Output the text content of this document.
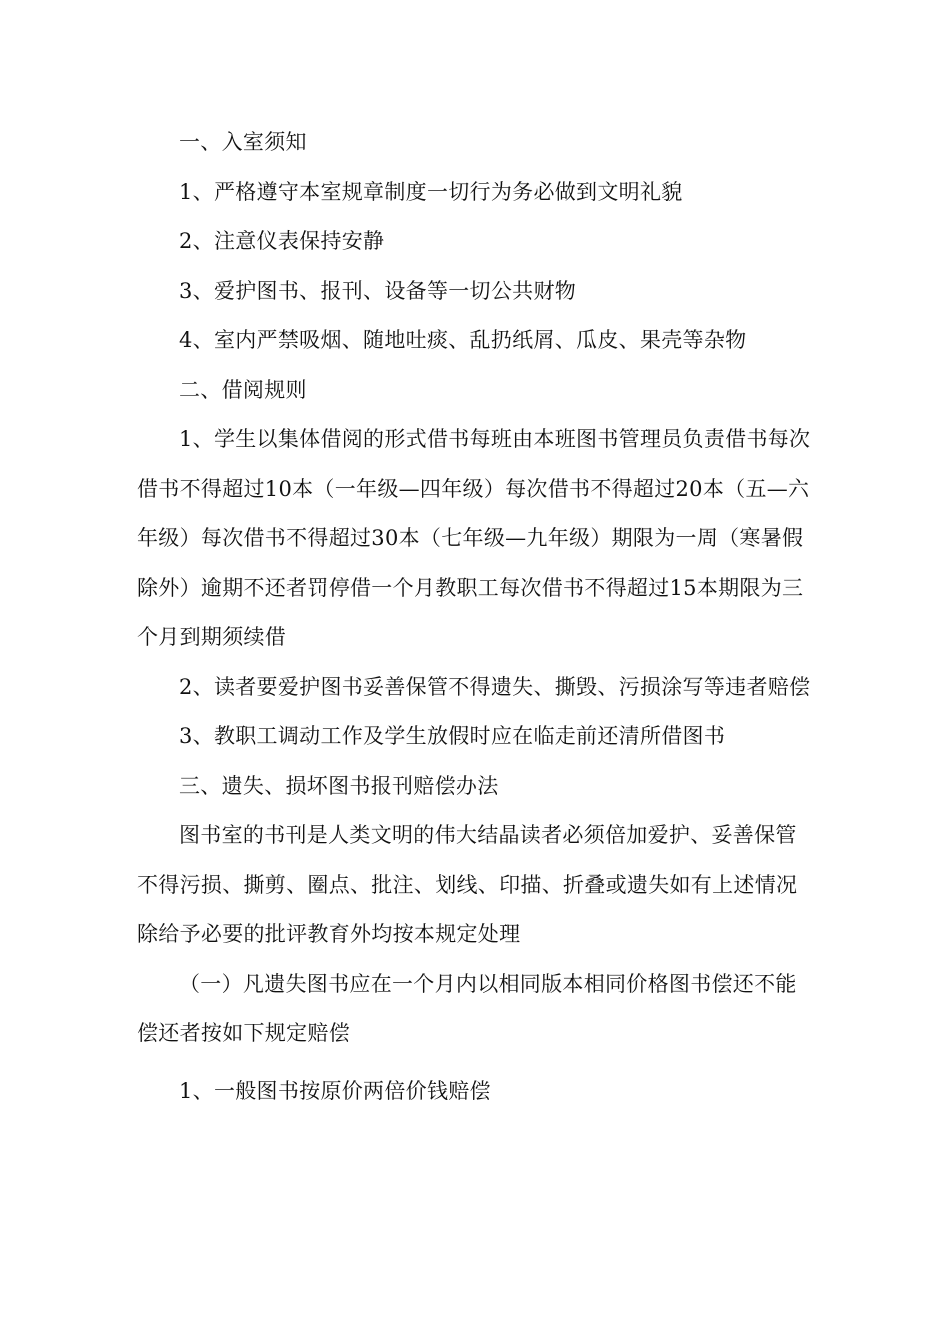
一、入室须知

1、严格遵守本室规章制度一切行为务必做到文明礼貌

2、注意仪表保持安静

3、爱护图书、报刊、设备等一切公共财物

4、室内严禁吸烟、随地吐痰、乱扔纸屑、瓜皮、果壳等杂物

二、借阅规则

1、学生以集体借阅的形式借书每班由本班图书管理员负责借书每次借书不得超过10本（一年级—四年级）每次借书不得超过20本（五—六年级）每次借书不得超过30本（七年级—九年级）期限为一周（寒暑假除外）逾期不还者罚停借一个月教职工每次借书不得超过15本期限为三个月到期须续借

2、读者要爱护图书妥善保管不得遗失、撕毁、污损涂写等违者赔偿

3、教职工调动工作及学生放假时应在临走前还清所借图书

三、遗失、损坏图书报刊赔偿办法

图书室的书刊是人类文明的伟大结晶读者必须倍加爱护、妥善保管不得污损、撕剪、圈点、批注、划线、印描、折叠或遗失如有上述情况除给予必要的批评教育外均按本规定处理

（一）凡遗失图书应在一个月内以相同版本相同价格图书偿还不能偿还者按如下规定赔偿

1、一般图书按原价两倍价钱赔偿
